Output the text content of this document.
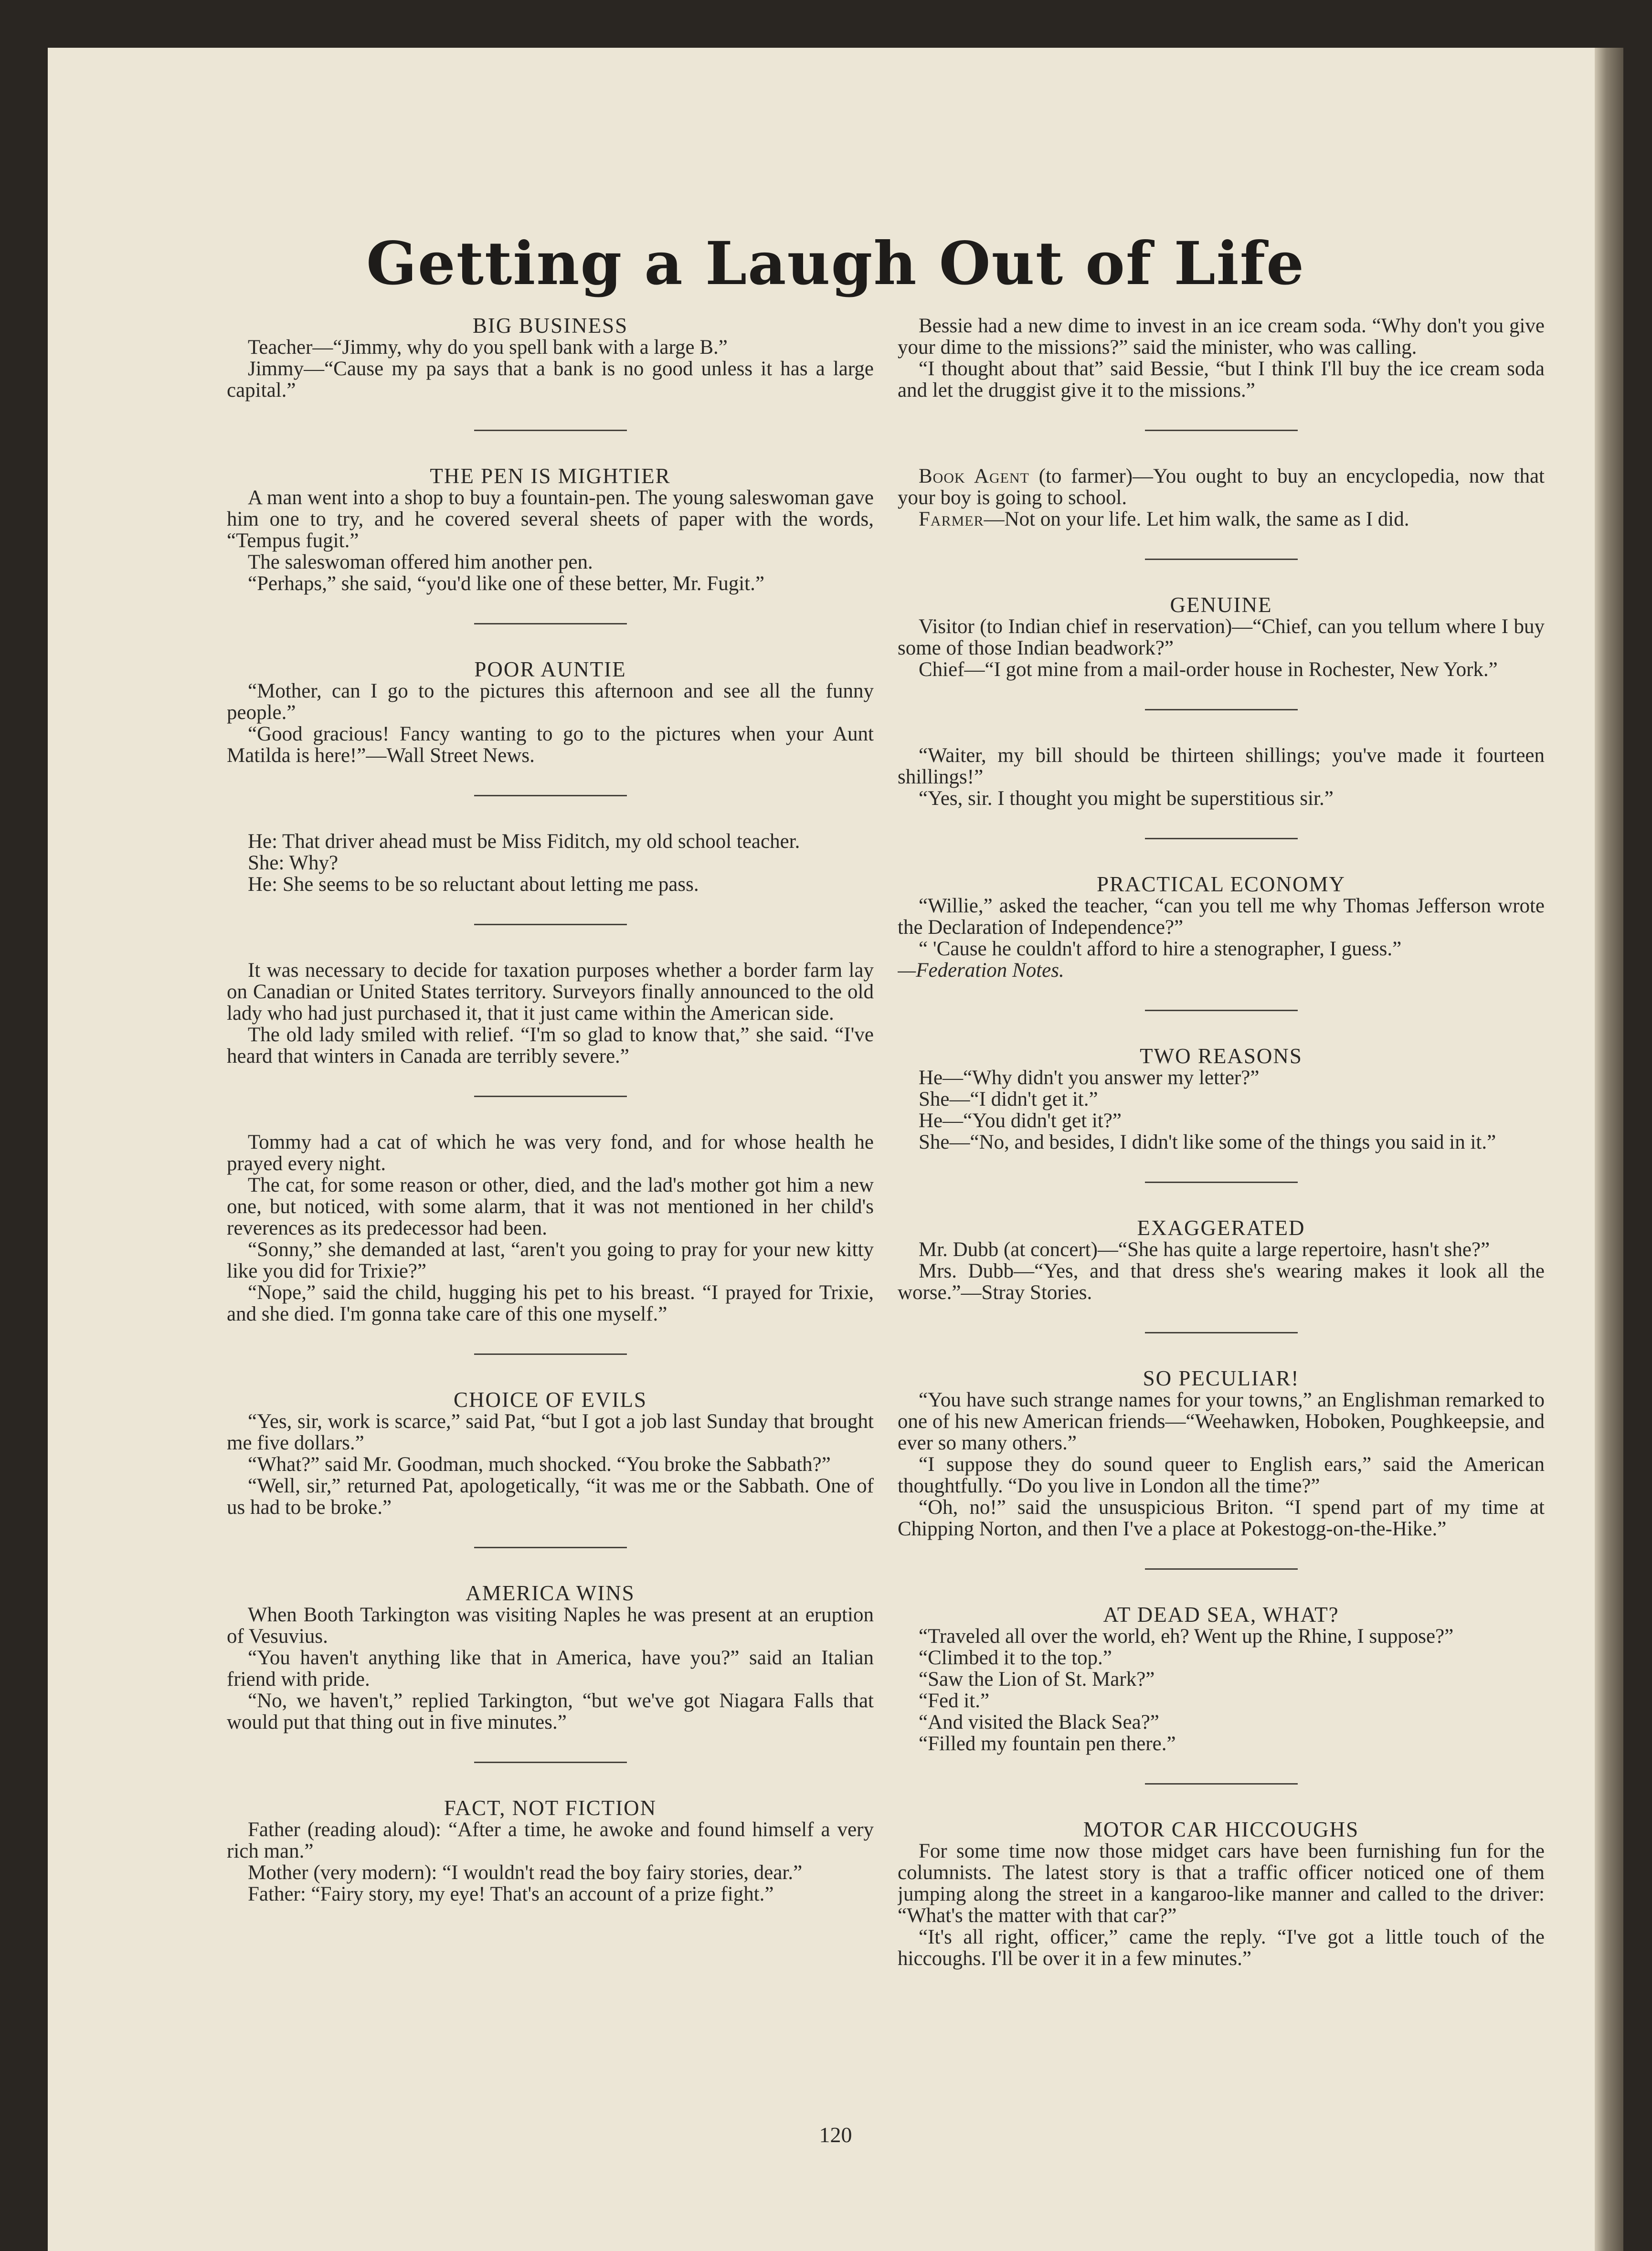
Getting a Laugh Out of Life

BIG BUSINESS

Teacher—“Jimmy, why do you spell bank with a large B.”

Jimmy—“Cause my pa says that a bank is no good unless it has a large capital.”

THE PEN IS MIGHTIER

A man went into a shop to buy a fountain-pen. The young saleswoman gave him one to try, and he covered several sheets of paper with the words, “Tempus fugit.”

The saleswoman offered him another pen.

“Perhaps,” she said, “you'd like one of these better, Mr. Fugit.”

POOR AUNTIE

“Mother, can I go to the pictures this afternoon and see all the funny people.”

“Good gracious! Fancy wanting to go to the pictures when your Aunt Matilda is here!”—Wall Street News.

He: That driver ahead must be Miss Fiditch, my old school teacher.

She: Why?

He: She seems to be so reluctant about letting me pass.

It was necessary to decide for taxation purposes whether a border farm lay on Canadian or United States territory. Surveyors finally announced to the old lady who had just purchased it, that it just came within the American side.

The old lady smiled with relief. “I'm so glad to know that,” she said. “I've heard that winters in Canada are terribly severe.”

Tommy had a cat of which he was very fond, and for whose health he prayed every night.

The cat, for some reason or other, died, and the lad's mother got him a new one, but noticed, with some alarm, that it was not mentioned in her child's reverences as its predecessor had been.

“Sonny,” she demanded at last, “aren't you going to pray for your new kitty like you did for Trixie?”

“Nope,” said the child, hugging his pet to his breast. “I prayed for Trixie, and she died. I'm gonna take care of this one myself.”

CHOICE OF EVILS

“Yes, sir, work is scarce,” said Pat, “but I got a job last Sunday that brought me five dollars.”

“What?” said Mr. Goodman, much shocked. “You broke the Sabbath?”

“Well, sir,” returned Pat, apologetically, “it was me or the Sabbath. One of us had to be broke.”

AMERICA WINS

When Booth Tarkington was visiting Naples he was present at an eruption of Vesuvius.

“You haven't anything like that in America, have you?” said an Italian friend with pride.

“No, we haven't,” replied Tarkington, “but we've got Niagara Falls that would put that thing out in five minutes.”

FACT, NOT FICTION

Father (reading aloud): “After a time, he awoke and found himself a very rich man.”

Mother (very modern): “I wouldn't read the boy fairy stories, dear.”

Father: “Fairy story, my eye! That's an account of a prize fight.”

Bessie had a new dime to invest in an ice cream soda. “Why don't you give your dime to the missions?” said the minister, who was calling.

“I thought about that” said Bessie, “but I think I'll buy the ice cream soda and let the druggist give it to the missions.”

Book Agent (to farmer)—You ought to buy an encyclopedia, now that your boy is going to school.

Farmer—Not on your life. Let him walk, the same as I did.

GENUINE

Visitor (to Indian chief in reservation)—“Chief, can you tellum where I buy some of those Indian beadwork?”

Chief—“I got mine from a mail-order house in Rochester, New York.”

“Waiter, my bill should be thirteen shillings; you've made it fourteen shillings!”

“Yes, sir. I thought you might be superstitious sir.”

PRACTICAL ECONOMY

“Willie,” asked the teacher, “can you tell me why Thomas Jefferson wrote the Declaration of Independence?”

“ 'Cause he couldn't afford to hire a stenographer, I guess.”

—Federation Notes.

TWO REASONS

He—“Why didn't you answer my letter?”

She—“I didn't get it.”

He—“You didn't get it?”

She—“No, and besides, I didn't like some of the things you said in it.”

EXAGGERATED

Mr. Dubb (at concert)—“She has quite a large repertoire, hasn't she?”

Mrs. Dubb—“Yes, and that dress she's wearing makes it look all the worse.”—Stray Stories.

SO PECULIAR!

“You have such strange names for your towns,” an Englishman remarked to one of his new American friends—“Weehawken, Hoboken, Poughkeepsie, and ever so many others.”

“I suppose they do sound queer to English ears,” said the American thoughtfully. “Do you live in London all the time?”

“Oh, no!” said the unsuspicious Briton. “I spend part of my time at Chipping Norton, and then I've a place at Pokestogg-on-the-Hike.”

AT DEAD SEA, WHAT?

“Traveled all over the world, eh? Went up the Rhine, I suppose?”

“Climbed it to the top.”

“Saw the Lion of St. Mark?”

“Fed it.”

“And visited the Black Sea?”

“Filled my fountain pen there.”

MOTOR CAR HICCOUGHS

For some time now those midget cars have been furnishing fun for the columnists. The latest story is that a traffic officer noticed one of them jumping along the street in a kangaroo-like manner and called to the driver: “What's the matter with that car?”

“It's all right, officer,” came the reply. “I've got a little touch of the hiccoughs. I'll be over it in a few minutes.”

120
